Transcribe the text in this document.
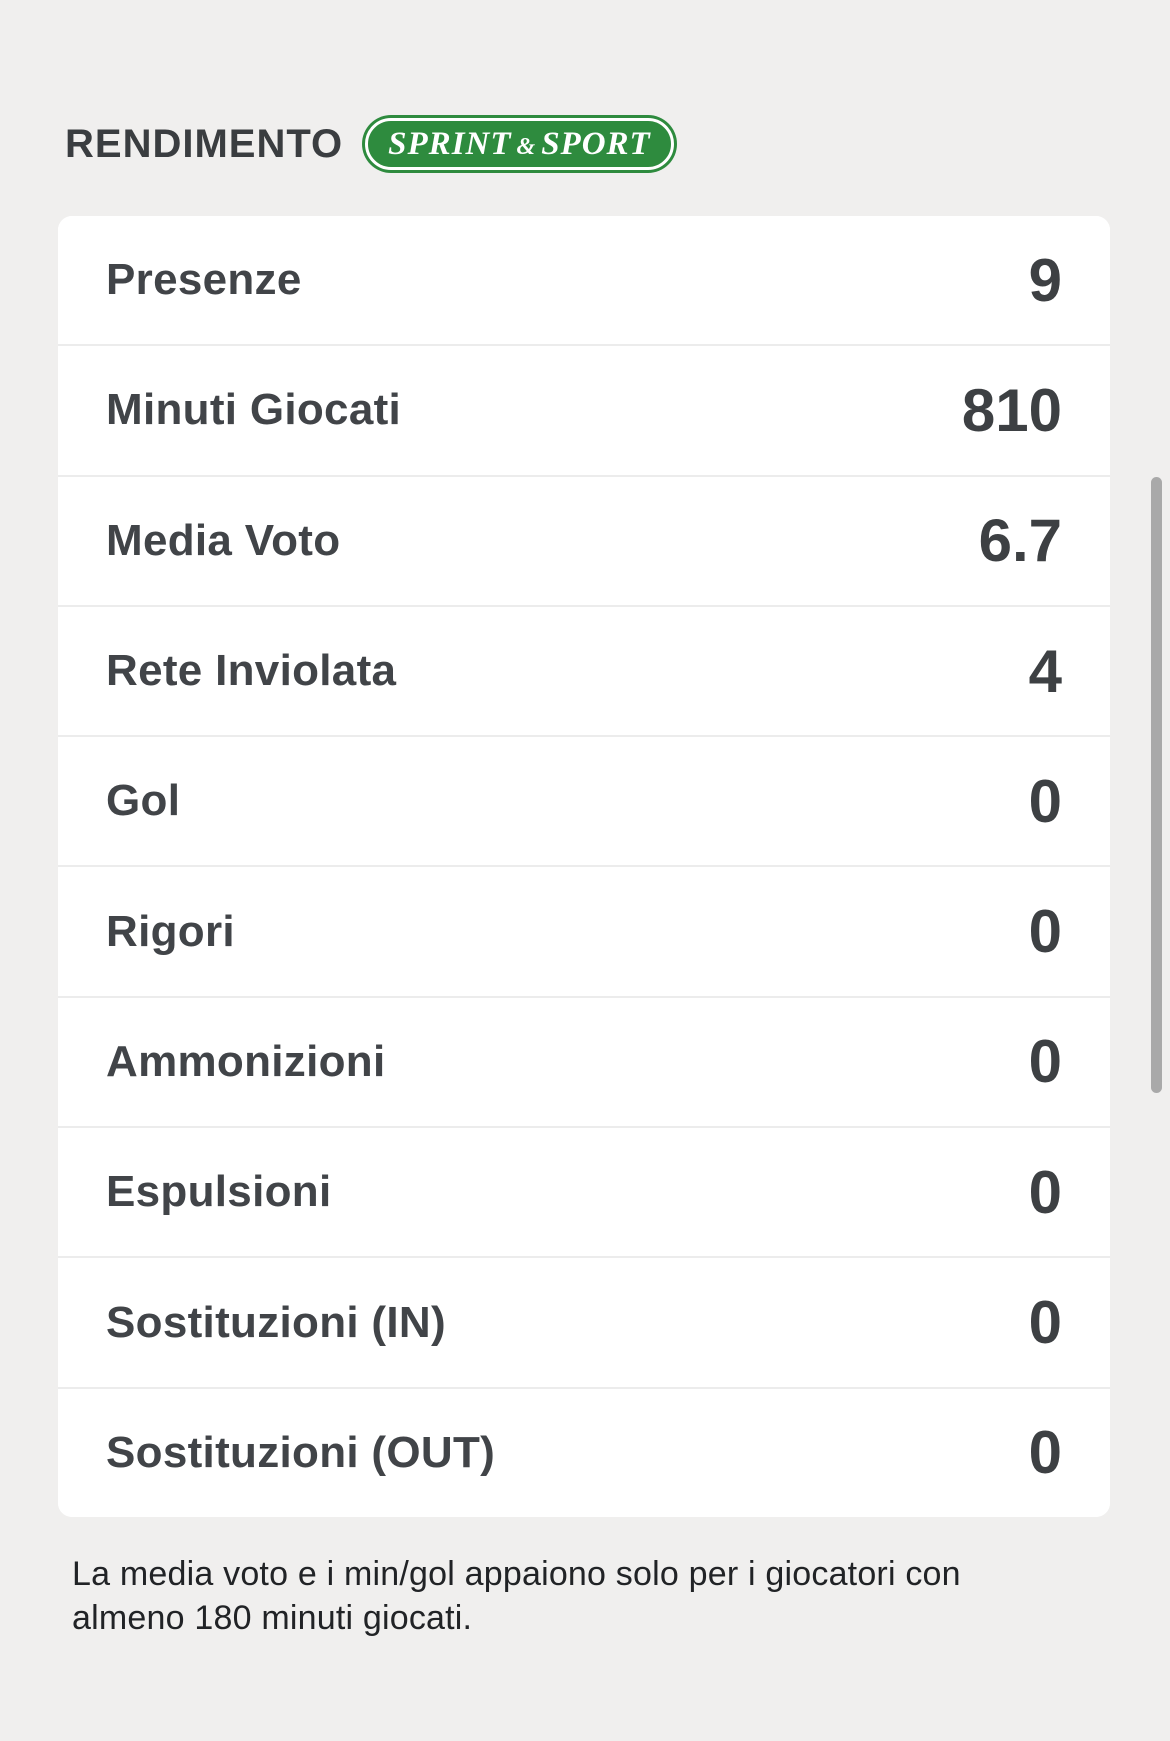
RENDIMENTO SPRINT & SPORT
Presenze	9
Minuti Giocati	810
Media Voto	6.7
Rete Inviolata	4
Gol	0
Rigori	0
Ammonizioni	0
Espulsioni	0
Sostituzioni (IN)	0
Sostituzioni (OUT)	0
La media voto e i min/gol appaiono solo per i giocatori con
almeno 180 minuti giocati.
